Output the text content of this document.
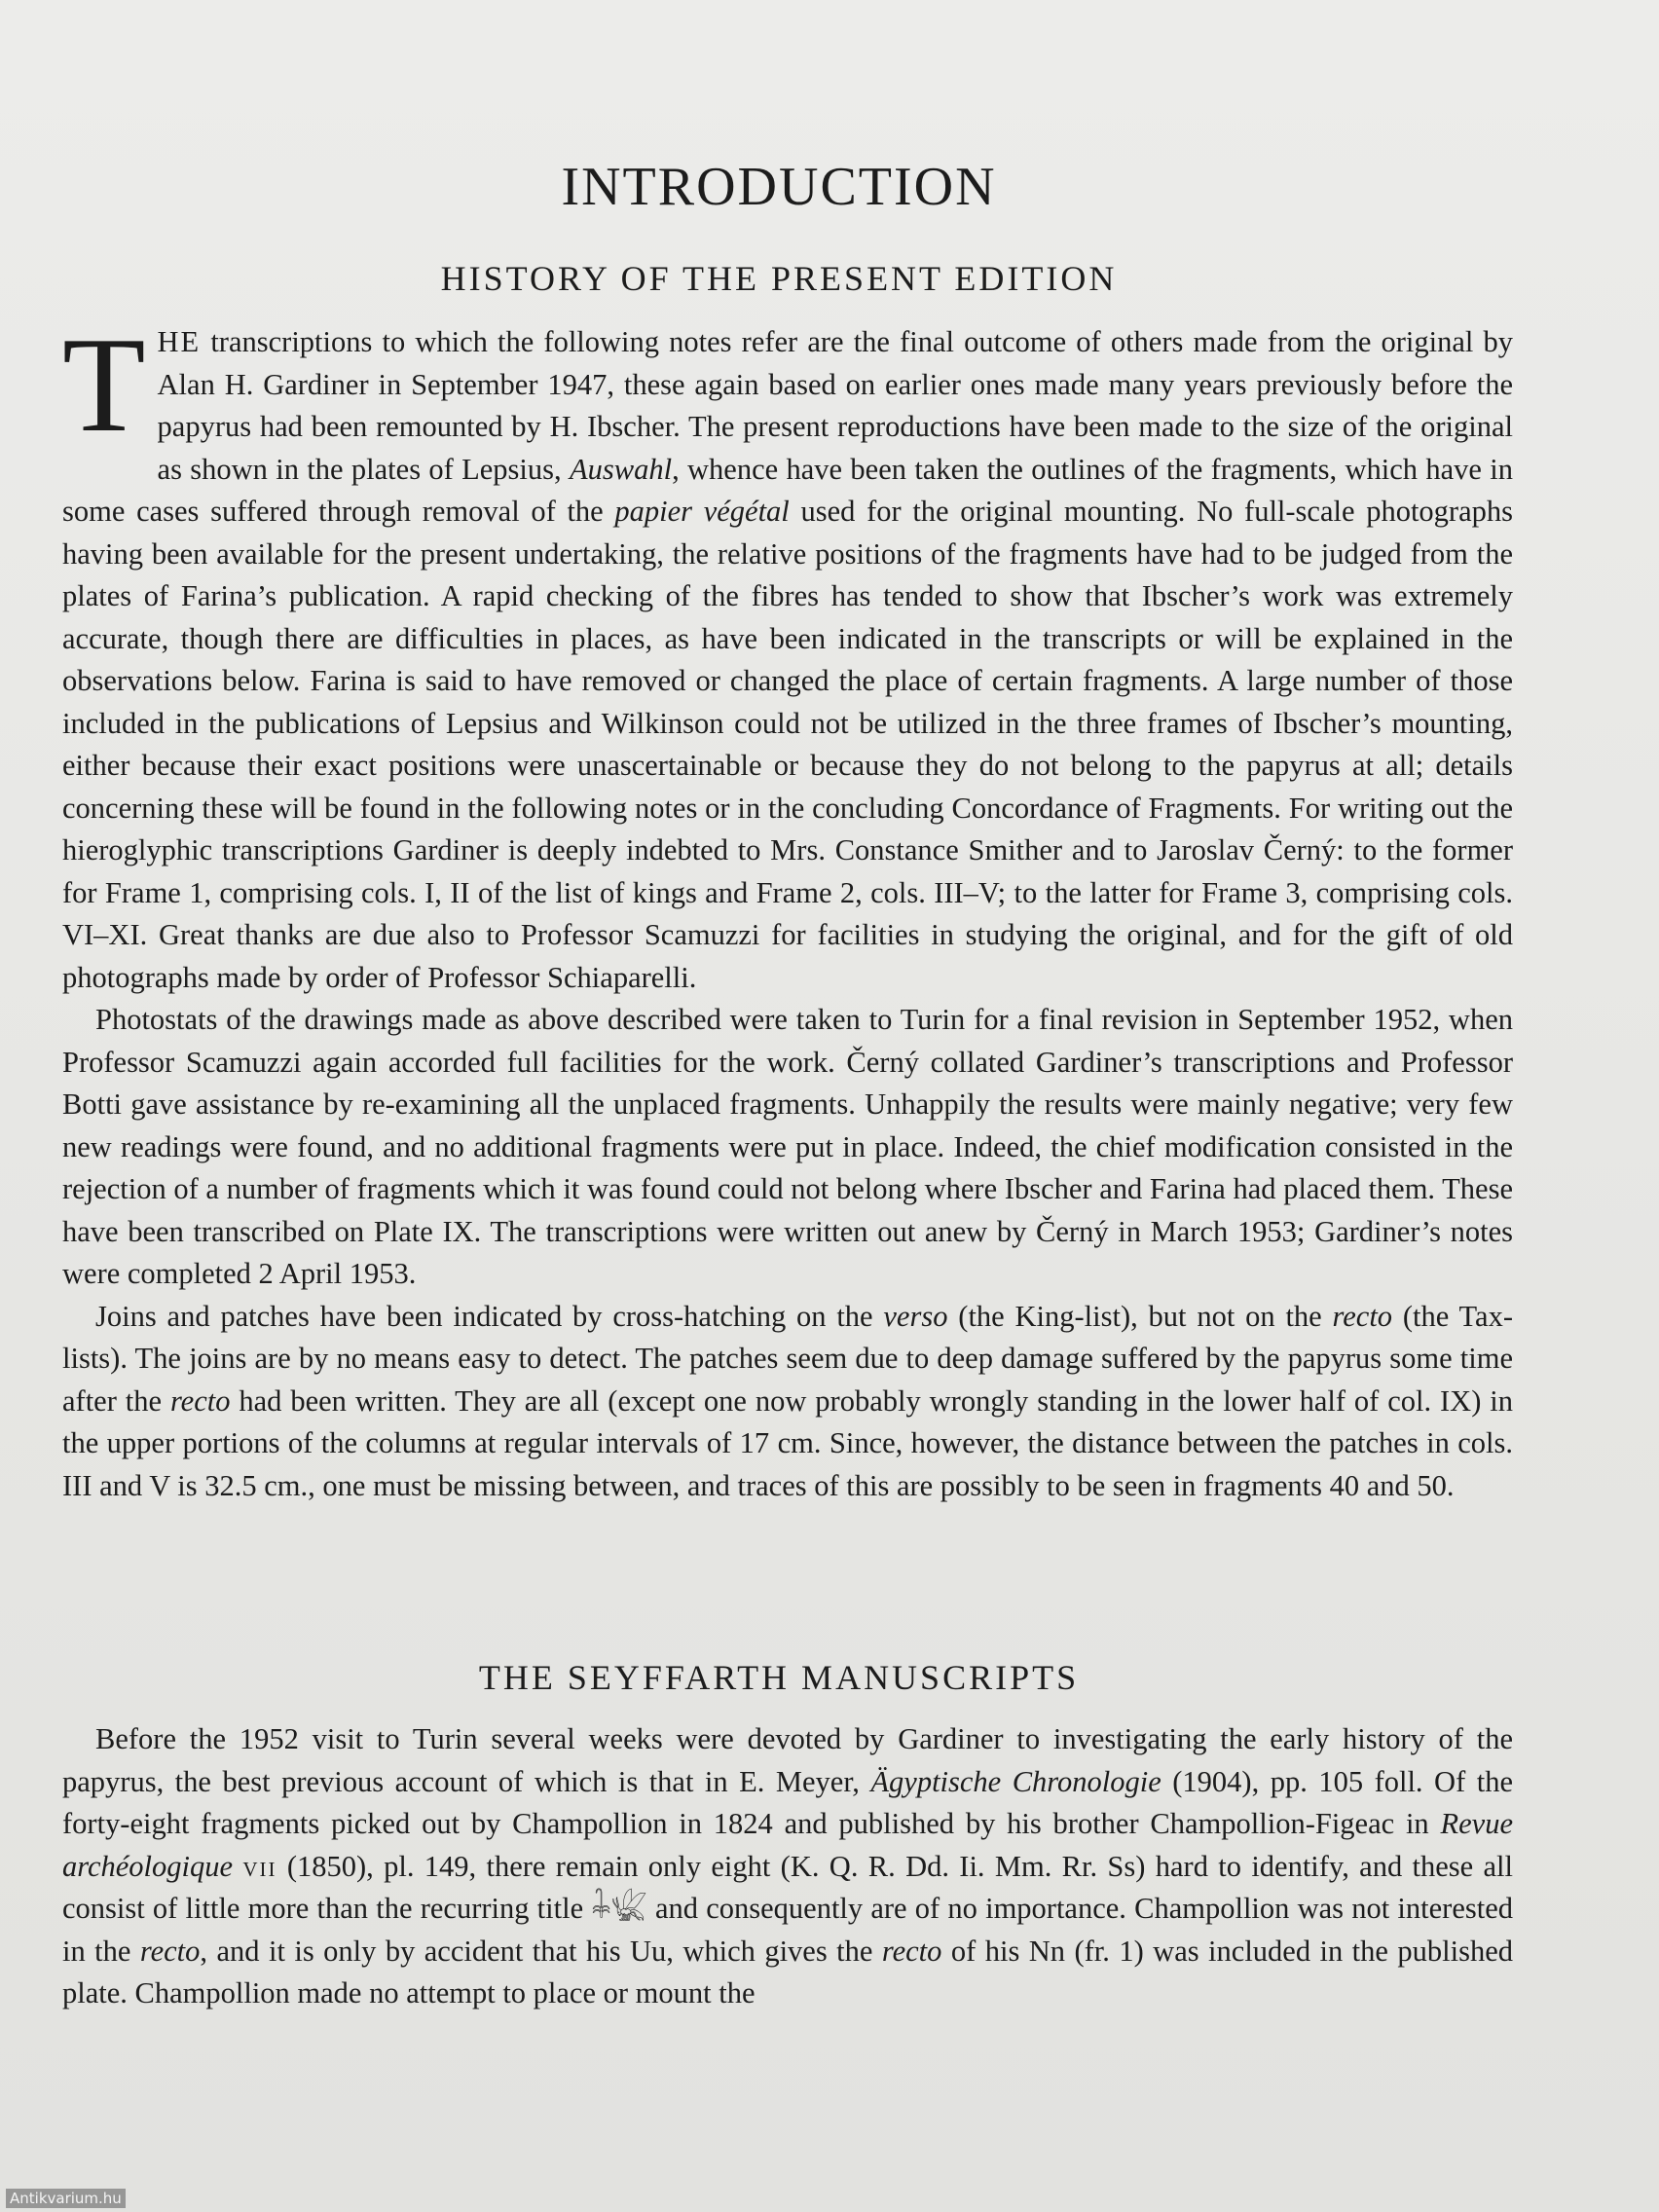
INTRODUCTION
HISTORY OF THE PRESENT EDITION

THE transcriptions to which the following notes refer are the final outcome of others made from the original by Alan H. Gardiner in September 1947, these again based on earlier ones made many years previously before the papyrus had been remounted by H. Ibscher. The present reproductions have been made to the size of the original as shown in the plates of Lepsius, Auswahl, whence have been taken the outlines of the fragments, which have in some cases suffered through removal of the papier végétal used for the original mounting. No full-scale photographs having been available for the present undertaking, the relative positions of the fragments have had to be judged from the plates of Farina’s publication. A rapid checking of the fibres has tended to show that Ibscher’s work was extremely accurate, though there are difficulties in places, as have been indicated in the transcripts or will be explained in the observations below. Farina is said to have removed or changed the place of certain fragments. A large number of those included in the publications of Lepsius and Wilkinson could not be utilized in the three frames of Ibscher’s mounting, either because their exact positions were unascertainable or because they do not belong to the papyrus at all; details concerning these will be found in the following notes or in the concluding Concordance of Fragments. For writing out the hieroglyphic transcriptions Gardiner is deeply indebted to Mrs. Constance Smither and to Jaroslav Černý: to the former for Frame 1, comprising cols. I, II of the list of kings and Frame 2, cols. III–V; to the latter for Frame 3, comprising cols. VI–XI. Great thanks are due also to Professor Scamuzzi for facilities in studying the original, and for the gift of old photographs made by order of Professor Schiaparelli.

Photostats of the drawings made as above described were taken to Turin for a final revision in September 1952, when Professor Scamuzzi again accorded full facilities for the work. Černý collated Gardiner’s transcriptions and Professor Botti gave assistance by re-examining all the unplaced fragments. Unhappily the results were mainly negative; very few new readings were found, and no additional fragments were put in place. Indeed, the chief modification consisted in the rejection of a number of fragments which it was found could not belong where Ibscher and Farina had placed them. These have been transcribed on Plate IX. The transcriptions were written out anew by Černý in March 1953; Gardiner’s notes were completed 2 April 1953.

Joins and patches have been indicated by cross-hatching on the verso (the King-list), but not on the recto (the Tax-lists). The joins are by no means easy to detect. The patches seem due to deep damage suffered by the papyrus some time after the recto had been written. They are all (except one now probably wrongly standing in the lower half of col. IX) in the upper portions of the columns at regular intervals of 17 cm. Since, however, the distance between the patches in cols. III and V is 32.5 cm., one must be missing between, and traces of this are possibly to be seen in fragments 40 and 50.

THE SEYFFARTH MANUSCRIPTS

Before the 1952 visit to Turin several weeks were devoted by Gardiner to investigating the early history of the papyrus, the best previous account of which is that in E. Meyer, Ägyptische Chronologie (1904), pp. 105 foll. Of the forty-eight fragments picked out by Champollion in 1824 and published by his brother Champollion-Figeac in Revue archéologique vii (1850), pl. 149, there remain only eight (K. Q. R. Dd. Ii. Mm. Rr. Ss) hard to identify, and these all consist of little more than the recurring title 𓇓𓆤 and consequently are of no importance. Champollion was not interested in the recto, and it is only by accident that his Uu, which gives the recto of his Nn (fr. 1) was included in the published plate. Champollion made no attempt to place or mount the

Antikvarium.hu
